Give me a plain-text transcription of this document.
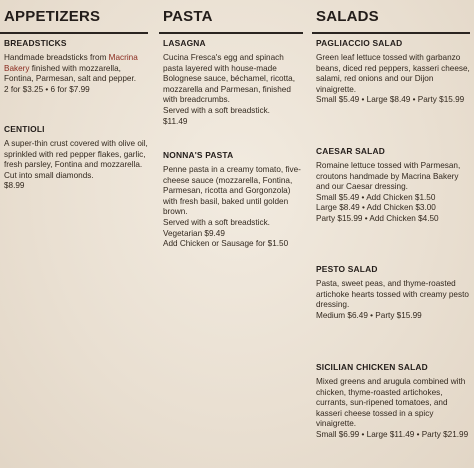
APPETIZERS
BREADSTICKS
Handmade breadsticks from Macrina Bakery finished with mozzarella, Fontina, Parmesan, salt and pepper.
2 for $3.25 • 6 for $7.99
CENTIOLI
A super-thin crust covered with olive oil, sprinkled with red pepper flakes, garlic, fresh parsley, Fontina and mozzarella. Cut into small diamonds.
$8.99
PASTA
LASAGNA
Cucina Fresca's egg and spinach pasta layered with house-made Bolognese sauce, béchamel, ricotta, mozzarella and Parmesan, finished with breadcrumbs.
Served with a soft breadstick.
$11.49
NONNA'S PASTA
Penne pasta in a creamy tomato, five-cheese sauce (mozzarella, Fontina, Parmesan, ricotta and Gorgonzola) with fresh basil, baked until golden brown.
Served with a soft breadstick.
Vegetarian $9.49
Add Chicken or Sausage for $1.50
SALADS
PAGLIACCIO SALAD
Green leaf lettuce tossed with garbanzo beans, diced red peppers, kasseri cheese, salami, red onions and our Dijon vinaigrette.
Small $5.49 • Large $8.49 • Party $15.99
CAESAR SALAD
Romaine lettuce tossed with Parmesan, croutons handmade by Macrina Bakery and our Caesar dressing.
Small $5.49 • Add Chicken $1.50
Large $8.49 • Add Chicken $3.00
Party $15.99 • Add Chicken $4.50
PESTO SALAD
Pasta, sweet peas, and thyme-roasted artichoke hearts tossed with creamy pesto dressing.
Medium $6.49 • Party $15.99
SICILIAN CHICKEN SALAD
Mixed greens and arugula combined with chicken, thyme-roasted artichokes, currants, sun-ripened tomatoes, and kasseri cheese tossed in a spicy vinaigrette.
Small $6.99 • Large $11.49 • Party $21.99
